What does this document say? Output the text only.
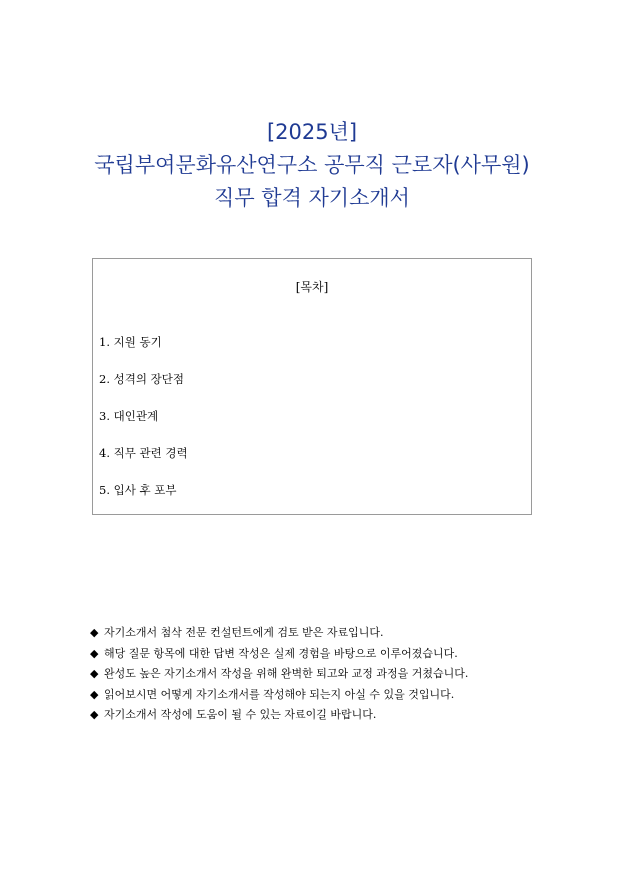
[2025년]
국립부여문화유산연구소 공무직 근로자(사무원)
직무 합격 자기소개서
[목차]
1. 지원 동기
2. 성격의 장단점
3. 대인관계
4. 직무 관련 경력
5. 입사 후 포부
◆ 자기소개서 첨삭 전문 컨설턴트에게 검토 받은 자료입니다.
◆ 해당 질문 항목에 대한 답변 작성은 실제 경험을 바탕으로 이루어졌습니다.
◆ 완성도 높은 자기소개서 작성을 위해 완벽한 퇴고와 교정 과정을 거쳤습니다.
◆ 읽어보시면 어떻게 자기소개서를 작성해야 되는지 아실 수 있을 것입니다.
◆ 자기소개서 작성에 도움이 될 수 있는 자료이길 바랍니다.
